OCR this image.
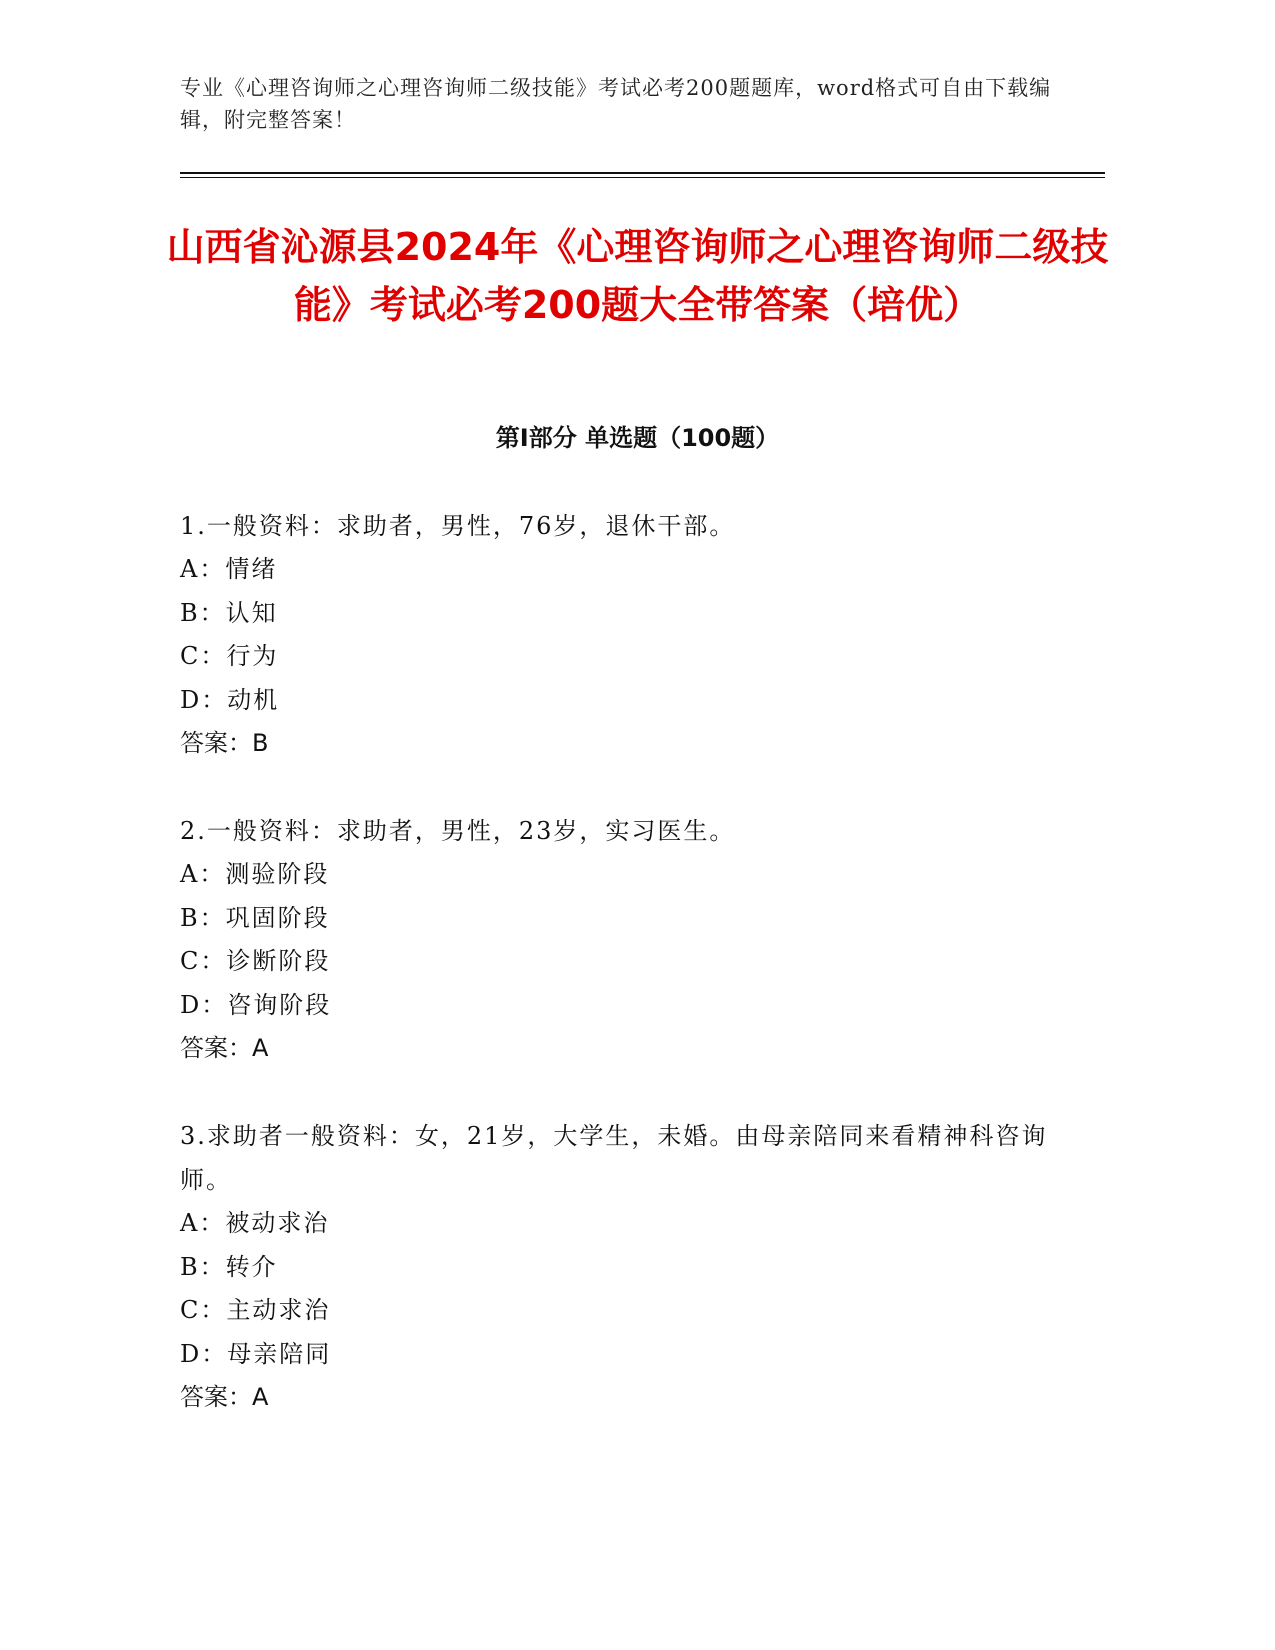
专业《心理咨询师之心理咨询师二级技能》考试必考200题题库，word格式可自由下载编辑，附完整答案！
山西省沁源县2024年《心理咨询师之心理咨询师二级技能》考试必考200题大全带答案（培优）
第Ⅰ部分 单选题（100题）

1.一般资料：求助者，男性，76岁，退休干部。

A：情绪

B：认知

C：行为

D：动机

答案：B

2.一般资料：求助者，男性，23岁，实习医生。

A：测验阶段

B：巩固阶段

C：诊断阶段

D：咨询阶段

答案：A

3.求助者一般资料：女，21岁，大学生，未婚。由母亲陪同来看精神科咨询师。

A：被动求治

B：转介

C：主动求治

D：母亲陪同

答案：A
